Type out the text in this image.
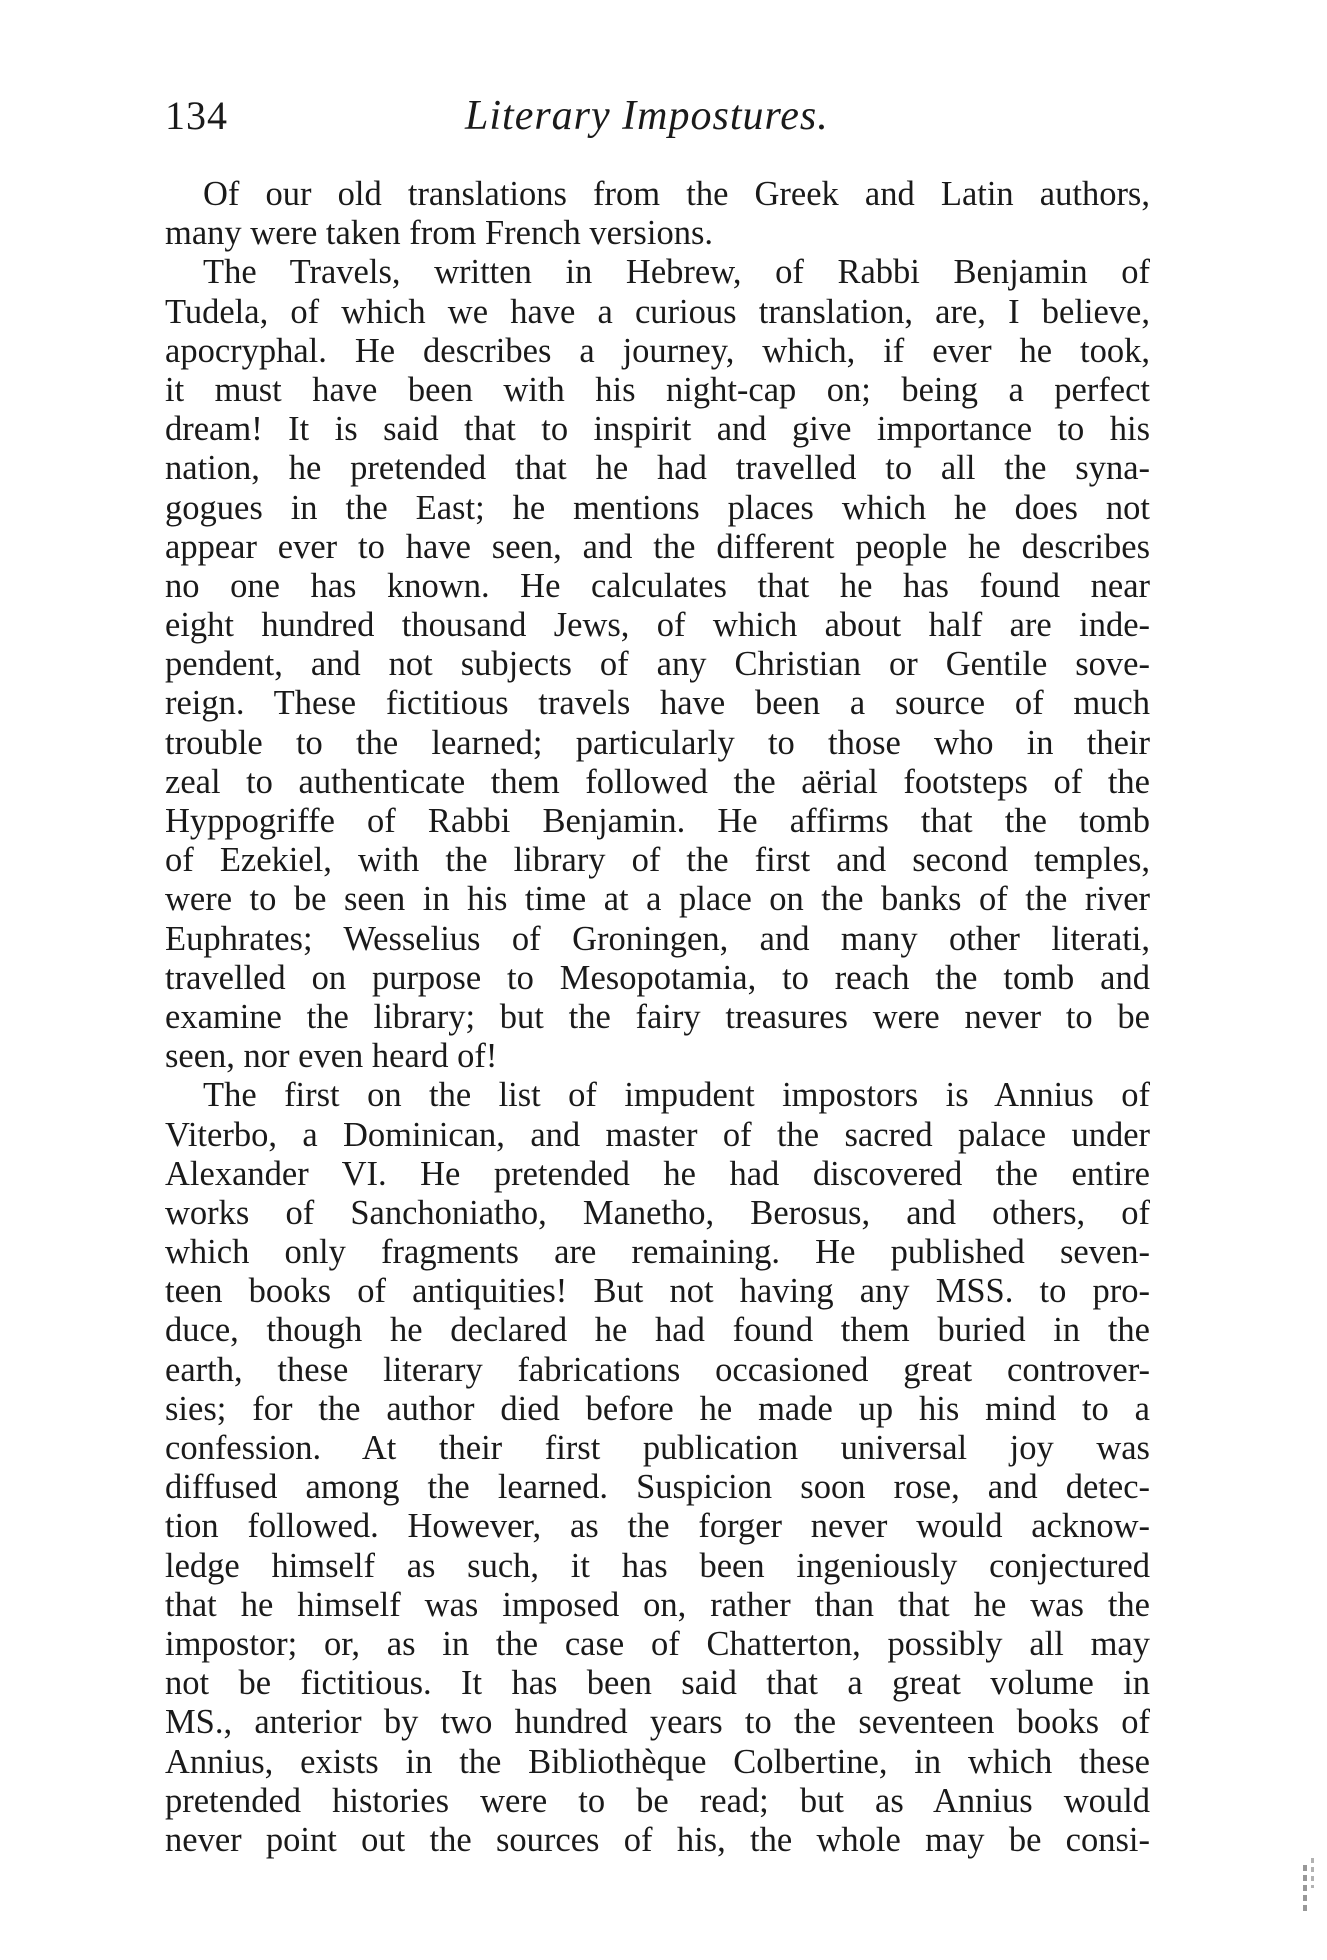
134	Literary Impostures.
Of our old translations from the Greek and Latin authors,
many were taken from French versions.
The Travels, written in Hebrew, of Rabbi Benjamin of
Tudela, of which we have a curious translation, are, I believe,
apocryphal. He describes a journey, which, if ever he took,
it must have been with his night-cap on; being a perfect
dream! It is said that to inspirit and give importance to his
nation, he pretended that he had travelled to all the syna-
gogues in the East; he mentions places which he does not
appear ever to have seen, and the different people he describes
no one has known. He calculates that he has found near
eight hundred thousand Jews, of which about half are inde-
pendent, and not subjects of any Christian or Gentile sove-
reign. These fictitious travels have been a source of much
trouble to the learned; particularly to those who in their
zeal to authenticate them followed the aërial footsteps of the
Hyppogriffe of Rabbi Benjamin. He affirms that the tomb
of Ezekiel, with the library of the first and second temples,
were to be seen in his time at a place on the banks of the river
Euphrates; Wesselius of Groningen, and many other literati,
travelled on purpose to Mesopotamia, to reach the tomb and
examine the library; but the fairy treasures were never to be
seen, nor even heard of!
The first on the list of impudent impostors is Annius of
Viterbo, a Dominican, and master of the sacred palace under
Alexander VI. He pretended he had discovered the entire
works of Sanchoniatho, Manetho, Berosus, and others, of
which only fragments are remaining. He published seven-
teen books of antiquities! But not having any MSS. to pro-
duce, though he declared he had found them buried in the
earth, these literary fabrications occasioned great controver-
sies; for the author died before he made up his mind to a
confession. At their first publication universal joy was
diffused among the learned. Suspicion soon rose, and detec-
tion followed. However, as the forger never would acknow-
ledge himself as such, it has been ingeniously conjectured
that he himself was imposed on, rather than that he was the
impostor; or, as in the case of Chatterton, possibly all may
not be fictitious. It has been said that a great volume in
MS., anterior by two hundred years to the seventeen books of
Annius, exists in the Bibliothèque Colbertine, in which these
pretended histories were to be read; but as Annius would
never point out the sources of his, the whole may be consi-
